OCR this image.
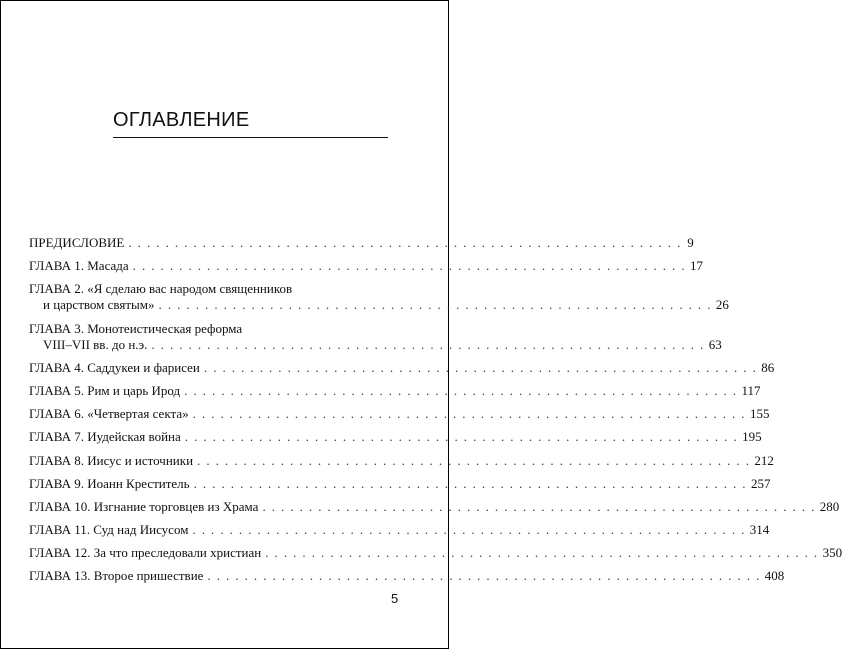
ОГЛАВЛЕНИЕ
ПРЕДИСЛОВИЕ . . . . . . . . . . . . . . . . . . . . . . . . . . . . . . . . . . . . . . . . . . . . . . . . . . . . . . . . . . . . 9
ГЛАВА 1. Масада . . . . . . . . . . . . . . . . . . . . . . . . . . . . . . . . . . . . . . . . . . . . . . . . . . . . . . . . . . . . 17
ГЛАВА 2. «Я сделаю вас народом священников
и царством святым» . . . . . . . . . . . . . . . . . . . . . . . . . . . . . . . . . . . . . . . . . . . . . . . . . . . . . . . . . . . . 26
ГЛАВА 3. Монотеистическая реформа
VIII–VII вв. до н.э. . . . . . . . . . . . . . . . . . . . . . . . . . . . . . . . . . . . . . . . . . . . . . . . . . . . . . . . . . . . . 63
ГЛАВА 4. Саддукеи и фарисеи . . . . . . . . . . . . . . . . . . . . . . . . . . . . . . . . . . . . . . . . . . . . . . . . . . . . . . . . . . . . 86
ГЛАВА 5. Рим и царь Ирод . . . . . . . . . . . . . . . . . . . . . . . . . . . . . . . . . . . . . . . . . . . . . . . . . . . . . . . . . . . . 117
ГЛАВА 6. «Четвертая секта» . . . . . . . . . . . . . . . . . . . . . . . . . . . . . . . . . . . . . . . . . . . . . . . . . . . . . . . . . . . . 155
ГЛАВА 7. Иудейская война . . . . . . . . . . . . . . . . . . . . . . . . . . . . . . . . . . . . . . . . . . . . . . . . . . . . . . . . . . . . 195
ГЛАВА 8. Иисус и источники . . . . . . . . . . . . . . . . . . . . . . . . . . . . . . . . . . . . . . . . . . . . . . . . . . . . . . . . . . . . 212
ГЛАВА 9. Иоанн Креститель . . . . . . . . . . . . . . . . . . . . . . . . . . . . . . . . . . . . . . . . . . . . . . . . . . . . . . . . . . . . 257
ГЛАВА 10. Изгнание торговцев из Храма . . . . . . . . . . . . . . . . . . . . . . . . . . . . . . . . . . . . . . . . . . . . . . . . . . . . . . . . . . . . 280
ГЛАВА 11. Суд над Иисусом . . . . . . . . . . . . . . . . . . . . . . . . . . . . . . . . . . . . . . . . . . . . . . . . . . . . . . . . . . . . 314
ГЛАВА 12. За что преследовали христиан . . . . . . . . . . . . . . . . . . . . . . . . . . . . . . . . . . . . . . . . . . . . . . . . . . . . . . . . . . . . 350
ГЛАВА 13. Второе пришествие . . . . . . . . . . . . . . . . . . . . . . . . . . . . . . . . . . . . . . . . . . . . . . . . . . . . . . . . . . . . 408
5
